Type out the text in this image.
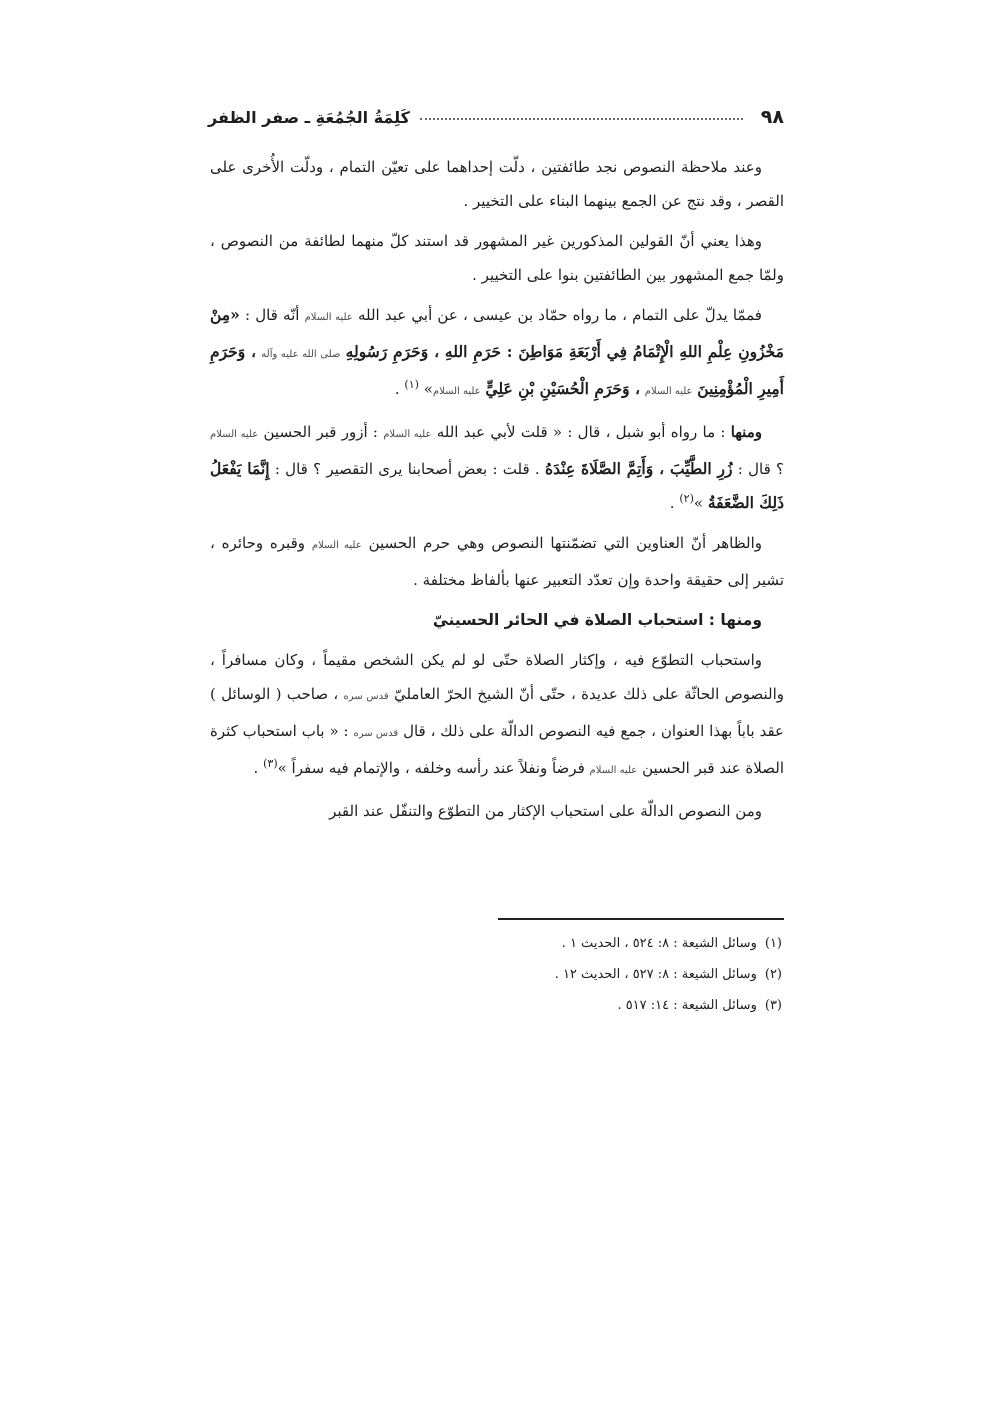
٩٨
كَلِمَةُ الجُمُعَةِ ـ صفر الظفر

وعند ملاحظة النصوص نجد طائفتين ، دلّت إحداهما على تعيّن التمام ، ودلّت الأُخرى على القصر ، وقد نتج عن الجمع بينهما البناء على التخيير .

وهذا يعني أنّ القولين المذكورين غير المشهور قد استند كلّ منهما لطائفة من النصوص ، ولمّا جمع المشهور بين الطائفتين بنوا على التخيير .

فممّا يدلّ على التمام ، ما رواه حمّاد بن عيسى ، عن أبي عبد الله عليه السلام أنّه قال : «مِنْ مَخْزُونِ عِلْمِ اللهِ الْإِتْمَامُ فِي أَرْبَعَةِ مَوَاطِنَ : حَرَمِ اللهِ ، وَحَرَمِ رَسُولِهِ صلى الله عليه وآله ، وَحَرَمِ أَمِيرِ الْمُؤْمِنِينَ عليه السلام ، وَحَرَمِ الْحُسَيْنِ بْنِ عَلِيٍّ عليه السلام» $^{(١)}$ .

ومنها : ما رواه أبو شبل ، قال : « قلت لأبي عبد الله عليه السلام : أزور قبر الحسين عليه السلام ؟ قال : زُرِ الطَّيِّبَ ، وَأَتِمَّ الصَّلَاةَ عِنْدَهُ . قلت : بعض أصحابنا يرى التقصير ؟ قال : إِنَّمَا يَفْعَلُ ذَلِكَ الضَّعَفَةُ »$^{(٢)}$ .

والظاهر أنّ العناوين التي تضمّنتها النصوص وهي حرم الحسين عليه السلام وقبره وحائره ، تشير إلى حقيقة واحدة وإن تعدّد التعبير عنها بألفاظ مختلفة .

ومنها : استحباب الصلاة في الحائر الحسينيّ

واستحباب التطوّع فيه ، وإكثار الصلاة حتّى لو لم يكن الشخص مقيماً ، وكان مسافراً ، والنصوص الحاثّة على ذلك عديدة ، حتّى أنّ الشيخ الحرّ العامليّ قدس سره ، صاحب ( الوسائل ) عقد باباً بهذا العنوان ، جمع فيه النصوص الدالّة على ذلك ، قال قدس سره : « باب استحباب كثرة الصلاة عند قبر الحسين عليه السلام فرضاً ونفلاً عند رأسه وخلفه ، والإتمام فيه سفراً »$^{(٣)}$ .

ومن النصوص الدالّة على استحباب الإكثار من التطوّع والتنفّل عند القبر

(١)وسائل الشيعة : ٨: ٥٢٤ ، الحديث ١ .
(٢)وسائل الشيعة : ٨: ٥٢٧ ، الحديث ١٢ .
(٣)وسائل الشيعة : ١٤: ٥١٧ .
